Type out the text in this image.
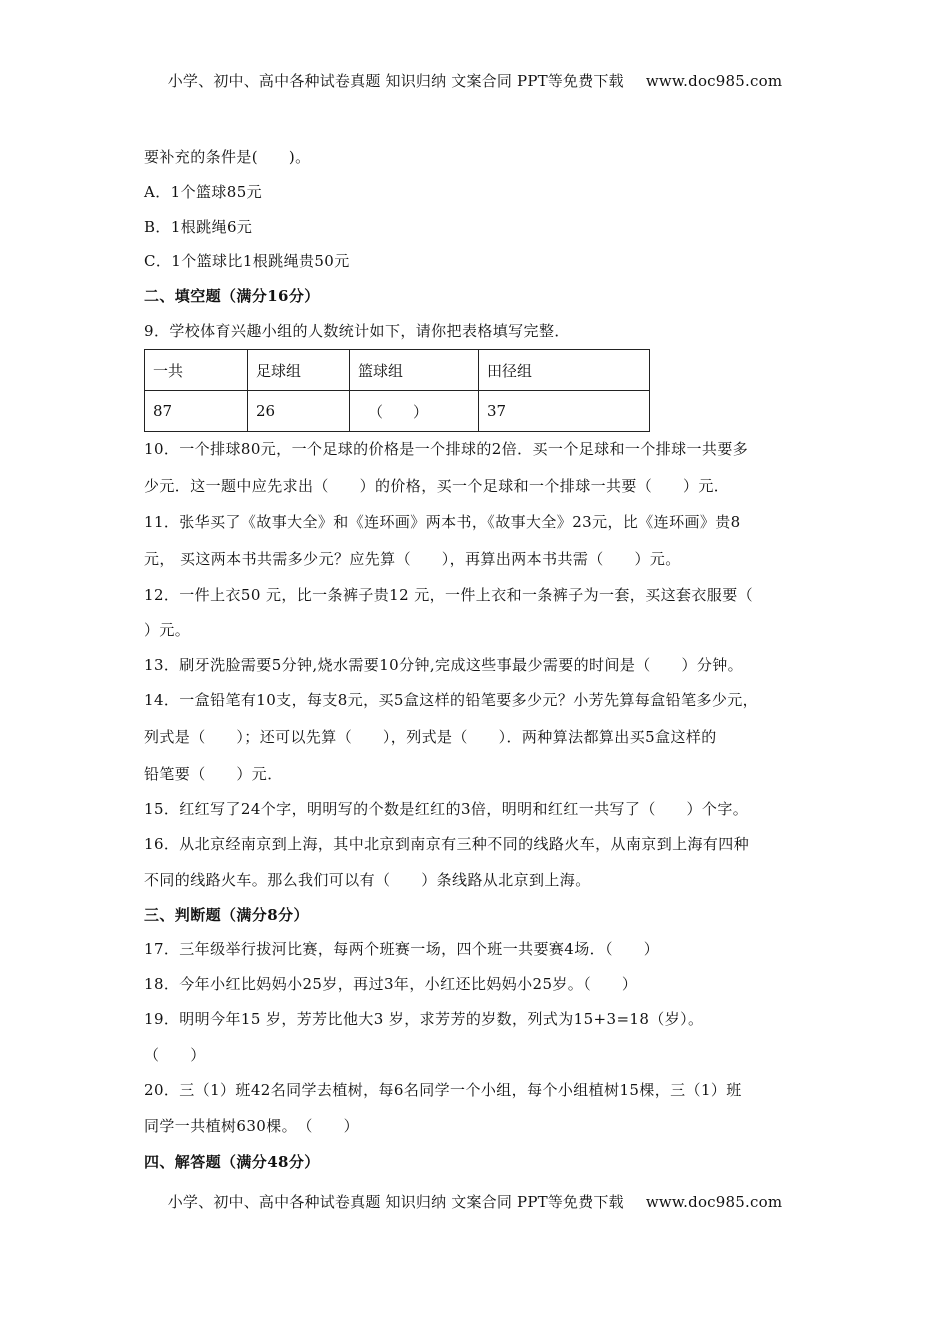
小学、初中、高中各种试卷真题 知识归纳 文案合同 PPT等免费下载 www.doc985.com
要补充的条件是(　　)。
A．1个篮球85元
B．1根跳绳6元
C．1个篮球比1根跳绳贵50元
二、填空题（满分16分）
9．学校体育兴趣小组的人数统计如下，请你把表格填写完整．
一共	足球组	篮球组	田径组
87	26	（　　）	37
10．一个排球80元，一个足球的价格是一个排球的2倍．买一个足球和一个排球一共要多
少元．这一题中应先求出（　　）的价格，买一个足球和一个排球一共要（　　）元．
11．张华买了《故事大全》和《连环画》两本书，《故事大全》23元，比《连环画》贵8
元， 买这两本书共需多少元？应先算（　　），再算出两本书共需（　　）元。
12．一件上衣50 元，比一条裤子贵12 元，一件上衣和一条裤子为一套，买这套衣服要（
）元。
13．刷牙洗脸需要5分钟,烧水需要10分钟,完成这些事最少需要的时间是（　　）分钟。
14．一盒铅笔有10支，每支8元，买5盒这样的铅笔要多少元？小芳先算每盒铅笔多少元，
列式是（　　）；还可以先算（　　），列式是（　　）．两种算法都算出买5盒这样的
铅笔要（　　）元．
15．红红写了24个字，明明写的个数是红红的3倍，明明和红红一共写了（　　）个字。
16．从北京经南京到上海，其中北京到南京有三种不同的线路火车，从南京到上海有四种
不同的线路火车。那么我们可以有（　　）条线路从北京到上海。
三、判断题（满分8分）
17．三年级举行拔河比赛，每两个班赛一场，四个班一共要赛4场．（　　）
18．今年小红比妈妈小25岁，再过3年，小红还比妈妈小25岁。（　　）
19．明明今年15 岁，芳芳比他大3 岁，求芳芳的岁数，列式为15+3=18（岁）。
（　　）
20．三（1）班42名同学去植树，每6名同学一个小组，每个小组植树15棵，三（1）班
同学一共植树630棵。　（　　）
四、解答题（满分48分）
小学、初中、高中各种试卷真题 知识归纳 文案合同 PPT等免费下载 www.doc985.com
